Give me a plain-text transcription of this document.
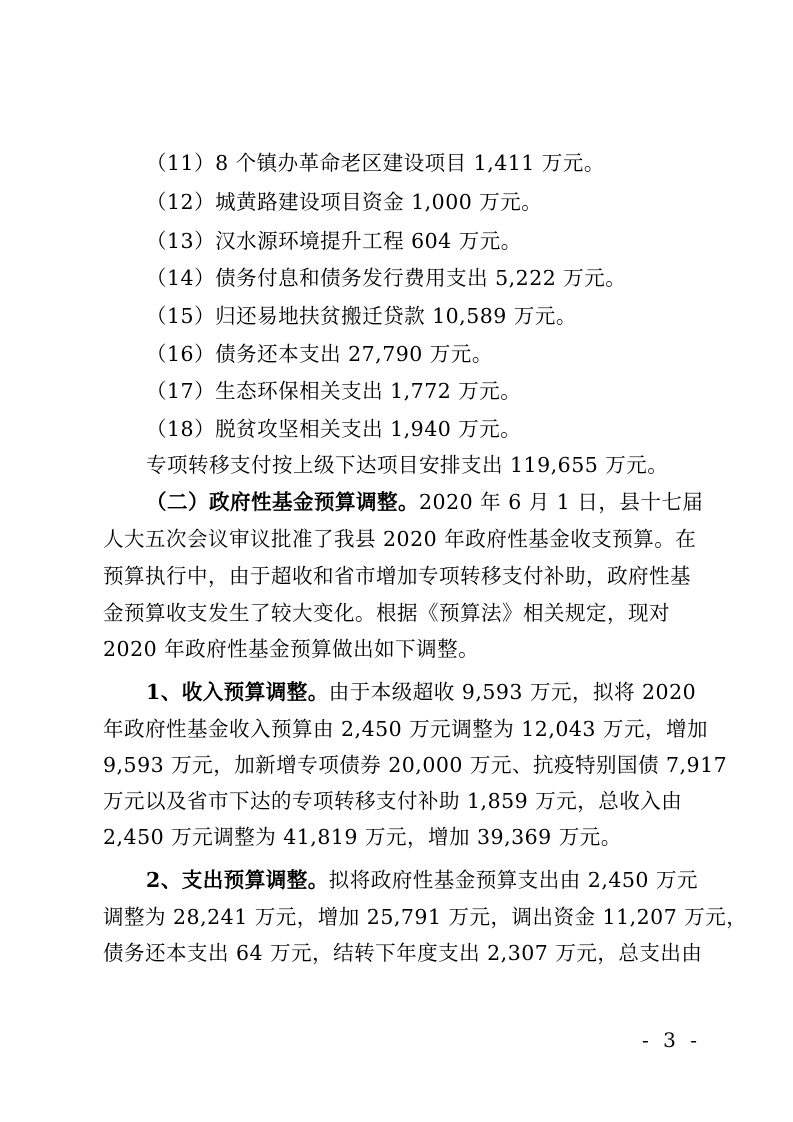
（11）8 个镇办革命老区建设项目 1,411 万元。
（12）城黄路建设项目资金 1,000 万元。
（13）汉水源环境提升工程 604 万元。
（14）债务付息和债务发行费用支出 5,222 万元。
（15）归还易地扶贫搬迁贷款 10,589 万元。
（16）债务还本支出 27,790 万元。
（17）生态环保相关支出 1,772 万元。
（18）脱贫攻坚相关支出 1,940 万元。
专项转移支付按上级下达项目安排支出 119,655 万元。
（二）政府性基金预算调整。2020 年 6 月 1 日，县十七届
人大五次会议审议批准了我县 2020 年政府性基金收支预算。在
预算执行中，由于超收和省市增加专项转移支付补助，政府性基
金预算收支发生了较大变化。根据《预算法》相关规定，现对
2020 年政府性基金预算做出如下调整。
1、收入预算调整。由于本级超收 9,593 万元，拟将 2020
年政府性基金收入预算由 2,450 万元调整为 12,043 万元，增加
9,593 万元，加新增专项债券 20,000 万元、抗疫特别国债 7,917
万元以及省市下达的专项转移支付补助 1,859 万元，总收入由
2,450 万元调整为 41,819 万元，增加 39,369 万元。
2、支出预算调整。拟将政府性基金预算支出由 2,450 万元
调整为 28,241 万元，增加 25,791 万元，调出资金 11,207 万元，
债务还本支出 64 万元，结转下年度支出 2,307 万元，总支出由
- 3 -
